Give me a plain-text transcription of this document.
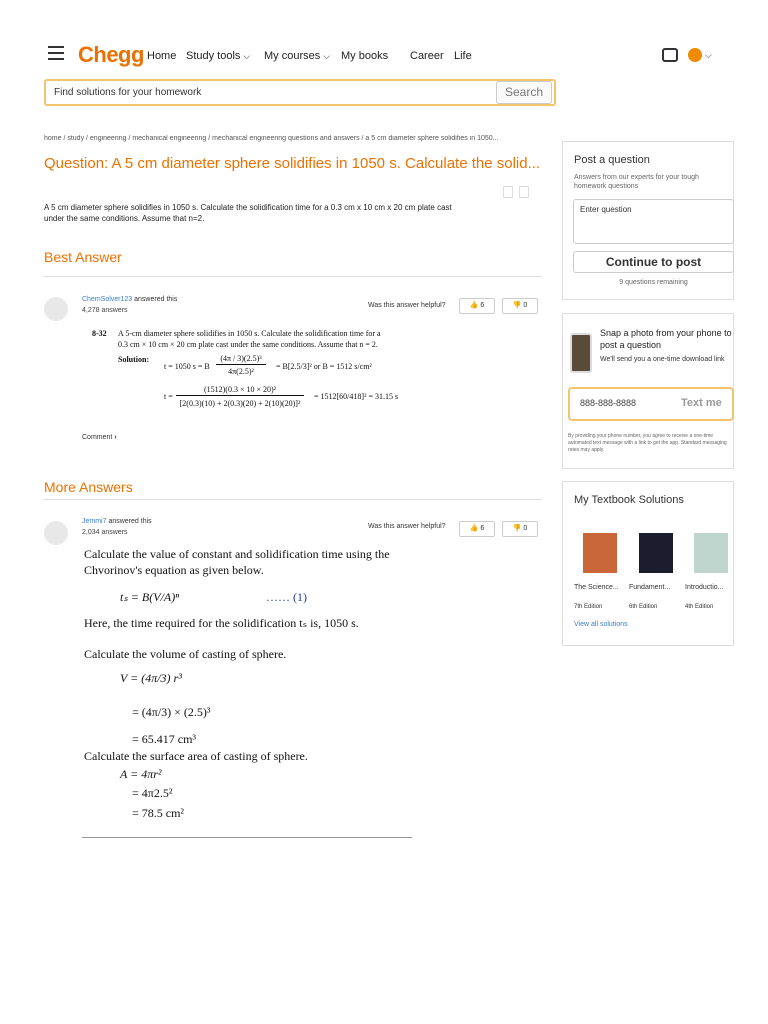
Chegg Home Study tools ⌵ My courses ⌵ My books Career Life	⌵
Find solutions for your homework	Search
home / study / engineering / mechanical engineering / mechanical engineering questions and answers / a 5 cm diameter sphere solidifies in 1050...
Question: A 5 cm diameter sphere solidifies in 1050 s. Calculate the solid...
A 5 cm diameter sphere solidifies in 1050 s. Calculate the solidification time for a 0.3 cm x 10 cm x 20 cm plate cast under the same conditions. Assume that n=2.
Best Answer
ChemSolver123 answered this
4,278 answers
Was this answer helpful?	👍 6	👎 0
8-32 A 5-cm diameter sphere solidifies in 1050 s. Calculate the solidification time for a
0.3 cm × 10 cm × 20 cm plate cast under the same conditions. Assume that n = 2.
Solution:
t = 1050 s = B
(4π / 3)(2.5)³
4π(2.5)²
= B[2.5/3]² or B = 1512 s/cm²
t =
(1512)(0.3 × 10 × 20)²
[2(0.3)(10) + 2(0.3)(20) + 2(10)(20)]²
= 1512[60/418]² = 31.15 s
Comment ›
More Answers
Jemmi7 answered this
2,034 answers
Was this answer helpful?	👍 6	👎 0
Calculate the value of constant and solidification time using the
Chvorinov's equation as given below.
tₛ = B(V/A)ⁿ	…… (1)
Here, the time required for the solidification tₛ is, 1050 s.
Calculate the volume of casting of sphere.
V = (4π/3) r³
= (4π/3) × (2.5)³
= 65.417 cm³
Calculate the surface area of casting of sphere.
A = 4πr²
= 4π2.5²
= 78.5 cm²
Post a question
Answers from our experts for your tough homework questions
Enter question
Continue to post
9 questions remaining
Snap a photo from your phone to post a question
We'll send you a one-time download link
888-888-8888	Text me
By providing your phone number, you agree to receive a one-time automated text message with a link to get the app. Standard messaging rates may apply.
My Textbook Solutions
The Science... Fundament... Introductio...
7th Edition	6th Edition	4th Edition
View all solutions
